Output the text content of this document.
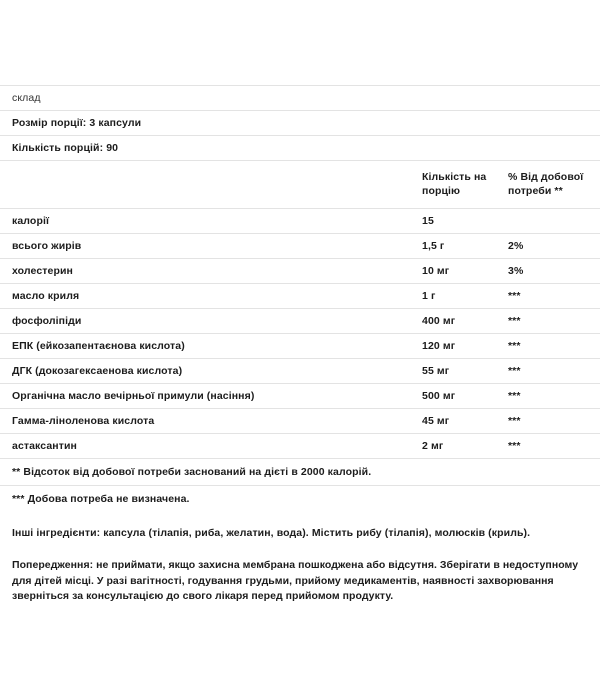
склад		
Розмір порції: 3 капсули		
Кількість порцій: 90		
	Кількість на порцію	% Від добової потреби **
калорії	15	
всього жирів	1,5 г	2%
холестерин	10 мг	3%
масло криля	1 г	***
фосфоліпіди	400 мг	***
ЕПК (ейкозапентаєнова кислота)	120 мг	***
ДГК (докозагексаенова кислота)	55 мг	***
Органічна масло вечірньої примули (насіння)	500 мг	***
Гамма-ліноленова кислота	45 мг	***
астаксантин	2 мг	***
** Відсоток від добової потреби заснований на дієті в 2000 калорій.		
*** Добова потреба не визначена.		
Інші інгредієнти: капсула (тілапія, риба, желатин, вода). Містить рибу (тілапія), молюсків (криль).
Попередження: не приймати, якщо захисна мембрана пошкоджена або відсутня. Зберігати в недоступному для дітей місці. У разі вагітності, годування грудьми, прийому медикаментів, наявності захворювання зверніться за консультацією до свого лікаря перед прийомом продукту.
